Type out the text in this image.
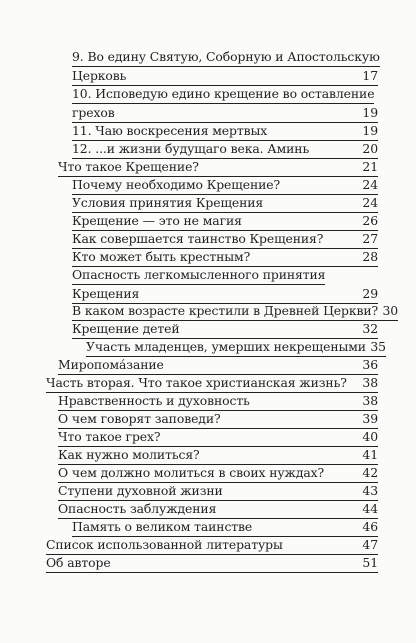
9. Во едину Святую, Соборную и Апостольскую
Церковь	17
10. Исповедую едино крещение во оставление
грехов	19
11. Чаю воскресения мертвых	19
12. ...и жизни будущаго века. Аминь	20
Что такое Крещение?	21
Почему необходимо Крещение?	24
Условия принятия Крещения	24
Крещение — это не магия	26
Как совершается таинство Крещения?	27
Кто может быть крестным?	28
Опасность легкомысленного принятия
Крещения	29
В каком возрасте крестили в Древней Церкви? 30
Крещение детей	32
Участь младенцев, умерших некрещеными 35
Миропома́зание	36
Часть вторая. Что такое христианская жизнь?	38
Нравственность и духовность	38
О чем говорят заповеди?	39
Что такое грех?	40
Как нужно молиться?	41
О чем должно молиться в своих нуждах?	42
Ступени духовной жизни	43
Опасность заблуждения	44
Память о великом таинстве	46
Список использованной литературы	47
Об авторе	51
